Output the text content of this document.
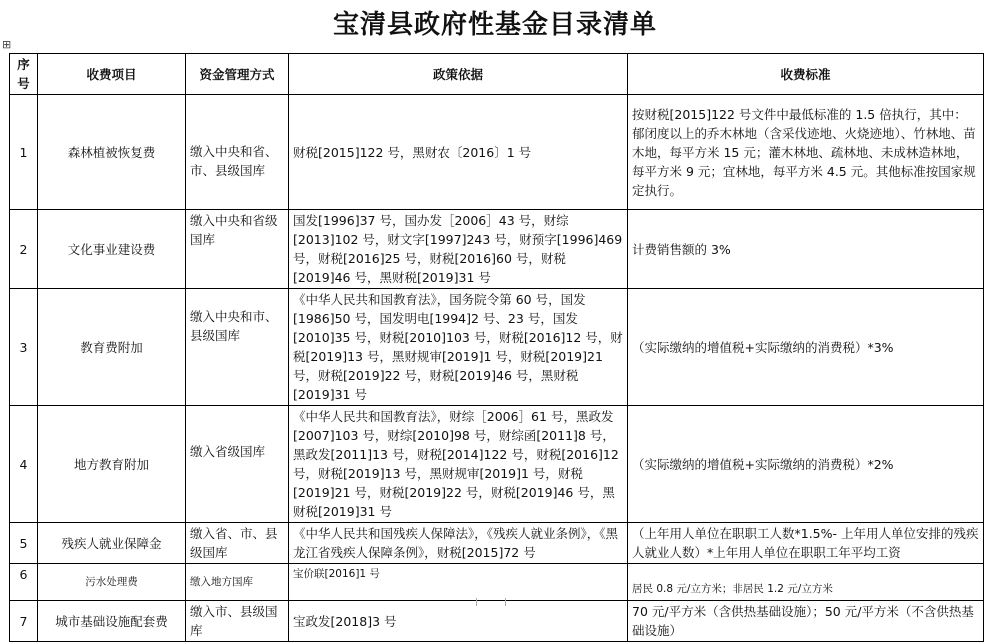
宝清县政府性基金目录清单
⊞
序号	收费项目	资金管理方式	政策依据	收费标准
1	森林植被恢复费	缴入中央和省、市、县级国库	财税[2015]122 号，黑财农〔2016〕1 号	按财税[2015]122 号文件中最低标准的 1.5 倍执行，其中：郁闭度以上的乔木林地（含采伐迹地、火烧迹地）、竹林地、苗木地，每平方米 15 元；灌木林地、疏林地、未成林造林地，每平方米 9 元；宜林地，每平方米 4.5 元。其他标准按国家规定执行。
2	文化事业建设费	缴入中央和省级国库	国发[1996]37 号，国办发［2006］43 号，财综[2013]102 号，财文字[1997]243 号，财预字[1996]469 号，财税[2016]25 号，财税[2016]60 号，财税[2019]46 号，黑财税[2019]31 号	计费销售额的 3%
3	教育费附加	缴入中央和市、县级国库	《中华人民共和国教育法》，国务院令第 60 号，国发[1986]50 号，国发明电[1994]2 号、23 号，国发[2010]35 号，财税[2010]103 号，财税[2016]12 号，财税[2019]13 号，黑财规审[2019]1 号，财税[2019]21 号，财税[2019]22 号，财税[2019]46 号，黑财税[2019]31 号	（实际缴纳的增值税+实际缴纳的消费税）*3%
4	地方教育附加	缴入省级国库	《中华人民共和国教育法》，财综［2006］61 号，黑政发[2007]103 号，财综[2010]98 号，财综函[2011]8 号，黑政发[2011]13 号，财税[2014]122 号，财税[2016]12 号，财税[2019]13 号，黑财规审[2019]1 号，财税[2019]21 号，财税[2019]22 号，财税[2019]46 号，黑财税[2019]31 号	（实际缴纳的增值税+实际缴纳的消费税）*2%
5	残疾人就业保障金	缴入省、市、县级国库	《中华人民共和国残疾人保障法》，《残疾人就业条例》，《黑龙江省残疾人保障条例》，财税[2015]72 号	（上年用人单位在职职工人数*1.5%- 上年用人单位安排的残疾人就业人数）*上年用人单位在职职工年平均工资
6	污水处理费	缴入地方国库	宝价联[2016]1 号	居民 0.8 元/立方米；非居民 1.2 元/立方米
7	城市基础设施配套费	缴入市、县级国库	宝政发[2018]3 号	70 元/平方米（含供热基础设施）；50 元/平方米（不含供热基础设施）
